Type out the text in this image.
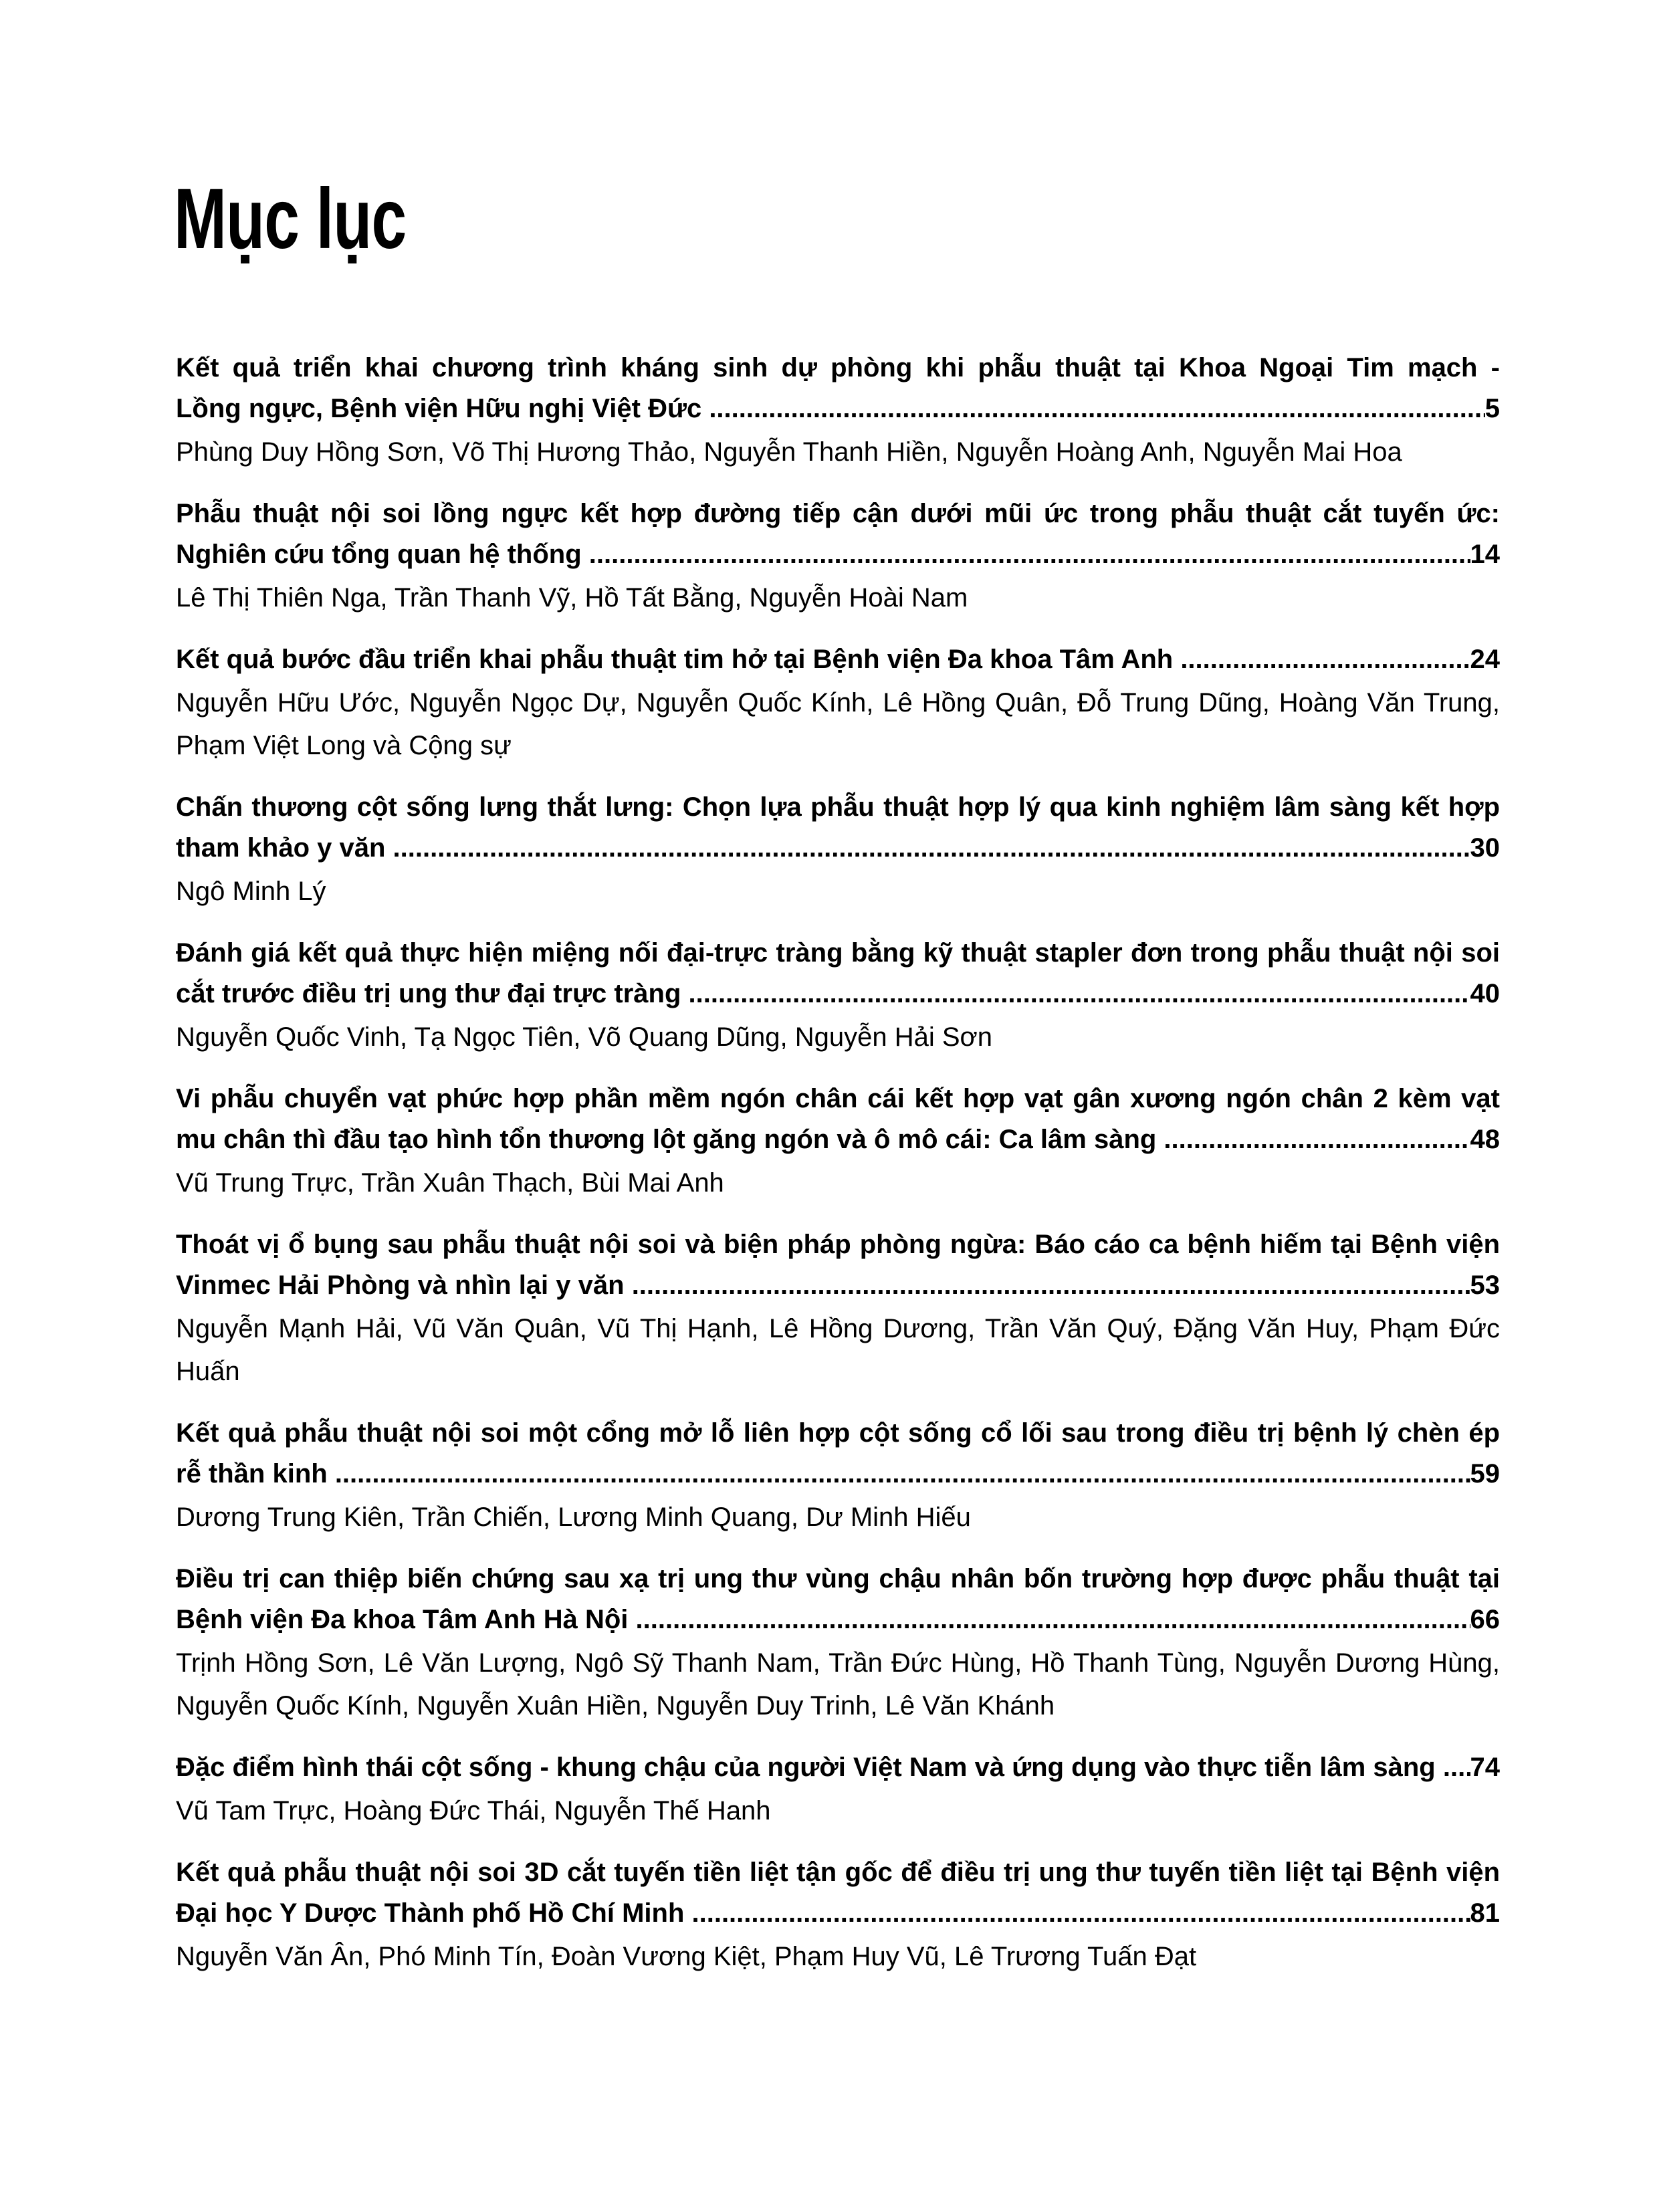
Mục lục
Kết quả triển khai chương trình kháng sinh dự phòng khi phẫu thuật tại Khoa Ngoại Tim mạch -
Lồng ngực, Bệnh viện Hữu nghị Việt Đức .....	5
Phùng Duy Hồng Sơn, Võ Thị Hương Thảo, Nguyễn Thanh Hiền, Nguyễn Hoàng Anh, Nguyễn Mai Hoa
Phẫu thuật nội soi lồng ngực kết hợp đường tiếp cận dưới mũi ức trong phẫu thuật cắt tuyến ức:
Nghiên cứu tổng quan hệ thống .....	14
Lê Thị Thiên Nga, Trần Thanh Vỹ, Hồ Tất Bằng, Nguyễn Hoài Nam
Kết quả bước đầu triển khai phẫu thuật tim hở tại Bệnh viện Đa khoa Tâm Anh .....	24
Nguyễn Hữu Ước, Nguyễn Ngọc Dự, Nguyễn Quốc Kính, Lê Hồng Quân, Đỗ Trung Dũng, Hoàng Văn Trung, Phạm Việt Long và Cộng sự
Chấn thương cột sống lưng thắt lưng: Chọn lựa phẫu thuật hợp lý qua kinh nghiệm lâm sàng kết hợp
tham khảo y văn .....	30
Ngô Minh Lý
Đánh giá kết quả thực hiện miệng nối đại-trực tràng bằng kỹ thuật stapler đơn trong phẫu thuật nội soi
cắt trước điều trị ung thư đại trực tràng .....	40
Nguyễn Quốc Vinh, Tạ Ngọc Tiên, Võ Quang Dũng, Nguyễn Hải Sơn
Vi phẫu chuyển vạt phức hợp phần mềm ngón chân cái kết hợp vạt gân xương ngón chân 2 kèm vạt
mu chân thì đầu tạo hình tổn thương lột găng ngón và ô mô cái: Ca lâm sàng .....	48
Vũ Trung Trực, Trần Xuân Thạch, Bùi Mai Anh
Thoát vị ổ bụng sau phẫu thuật nội soi và biện pháp phòng ngừa: Báo cáo ca bệnh hiếm tại Bệnh viện
Vinmec Hải Phòng và nhìn lại y văn .....	53
Nguyễn Mạnh Hải, Vũ Văn Quân, Vũ Thị Hạnh, Lê Hồng Dương, Trần Văn Quý, Đặng Văn Huy, Phạm Đức Huấn
Kết quả phẫu thuật nội soi một cổng mở lỗ liên hợp cột sống cổ lối sau trong điều trị bệnh lý chèn ép
rễ thần kinh .....	59
Dương Trung Kiên, Trần Chiến, Lương Minh Quang, Dư Minh Hiếu
Điều trị can thiệp biến chứng sau xạ trị ung thư vùng chậu nhân bốn trường hợp được phẫu thuật tại
Bệnh viện Đa khoa Tâm Anh Hà Nội .....	66
Trịnh Hồng Sơn, Lê Văn Lượng, Ngô Sỹ Thanh Nam, Trần Đức Hùng, Hồ Thanh Tùng, Nguyễn Dương Hùng, Nguyễn Quốc Kính, Nguyễn Xuân Hiền, Nguyễn Duy Trinh, Lê Văn Khánh
Đặc điểm hình thái cột sống - khung chậu của người Việt Nam và ứng dụng vào thực tiễn lâm sàng .....	74
Vũ Tam Trực, Hoàng Đức Thái, Nguyễn Thế Hanh
Kết quả phẫu thuật nội soi 3D cắt tuyến tiền liệt tận gốc để điều trị ung thư tuyến tiền liệt tại Bệnh viện
Đại học Y Dược Thành phố Hồ Chí Minh .....	81
Nguyễn Văn Ân, Phó Minh Tín, Đoàn Vương Kiệt, Phạm Huy Vũ, Lê Trương Tuấn Đạt
